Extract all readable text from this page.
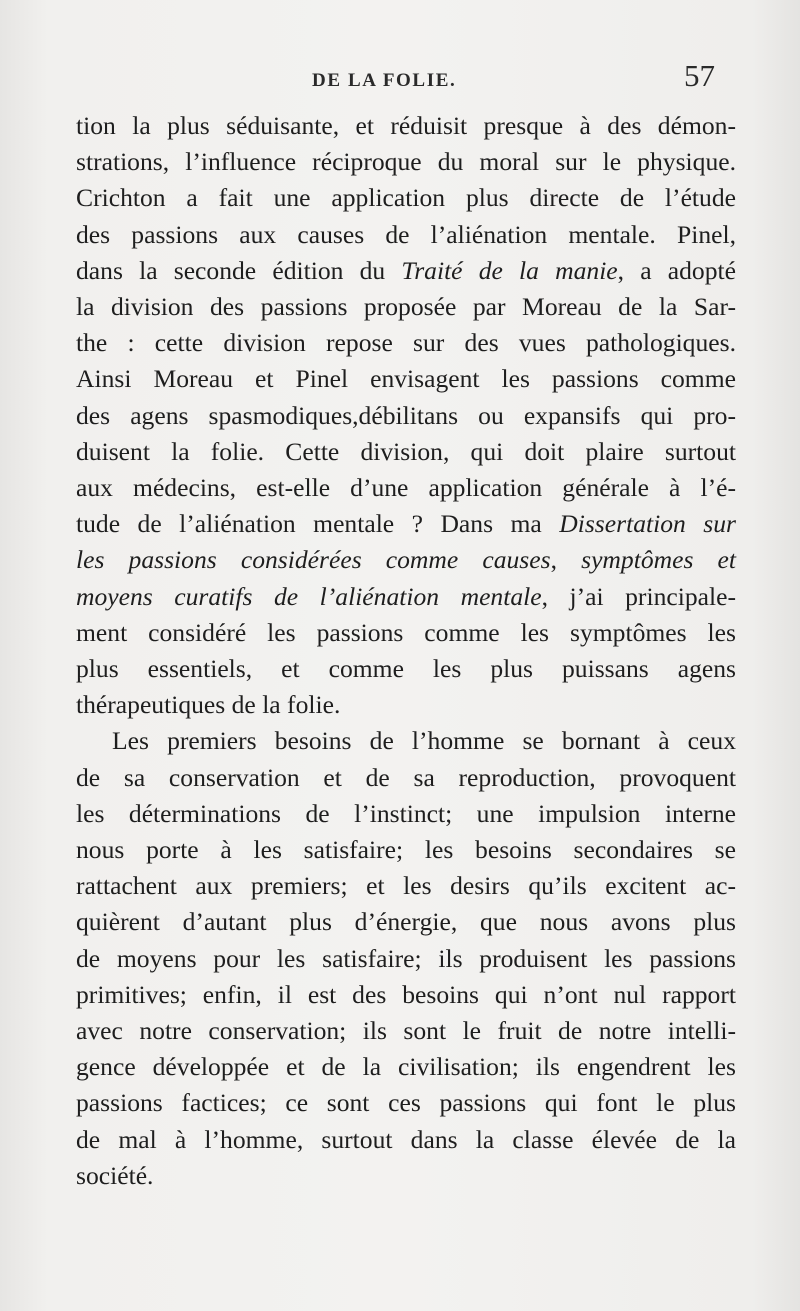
DE LA FOLIE.	57
tion la plus séduisante, et réduisit presque à des démon-
strations, l’influence réciproque du moral sur le physique.
Crichton a fait une application plus directe de l’étude
des passions aux causes de l’aliénation mentale. Pinel,
dans la seconde édition du Traité de la manie, a adopté
la division des passions proposée par Moreau de la Sar-
the : cette division repose sur des vues pathologiques.
Ainsi Moreau et Pinel envisagent les passions comme
des agens spasmodiques,débilitans ou expansifs qui pro-
duisent la folie. Cette division, qui doit plaire surtout
aux médecins, est-elle d’une application générale à l’é-
tude de l’aliénation mentale ? Dans ma Dissertation sur
les passions considérées comme causes, symptômes et
moyens curatifs de l’aliénation mentale, j’ai principale-
ment considéré les passions comme les symptômes les
plus essentiels, et comme les plus puissans agens
thérapeutiques de la folie.
Les premiers besoins de l’homme se bornant à ceux
de sa conservation et de sa reproduction, provoquent
les déterminations de l’instinct; une impulsion interne
nous porte à les satisfaire; les besoins secondaires se
rattachent aux premiers; et les desirs qu’ils excitent ac-
quièrent d’autant plus d’énergie, que nous avons plus
de moyens pour les satisfaire; ils produisent les passions
primitives; enfin, il est des besoins qui n’ont nul rapport
avec notre conservation; ils sont le fruit de notre intelli-
gence développée et de la civilisation; ils engendrent les
passions factices; ce sont ces passions qui font le plus
de mal à l’homme, surtout dans la classe élevée de la
société.
